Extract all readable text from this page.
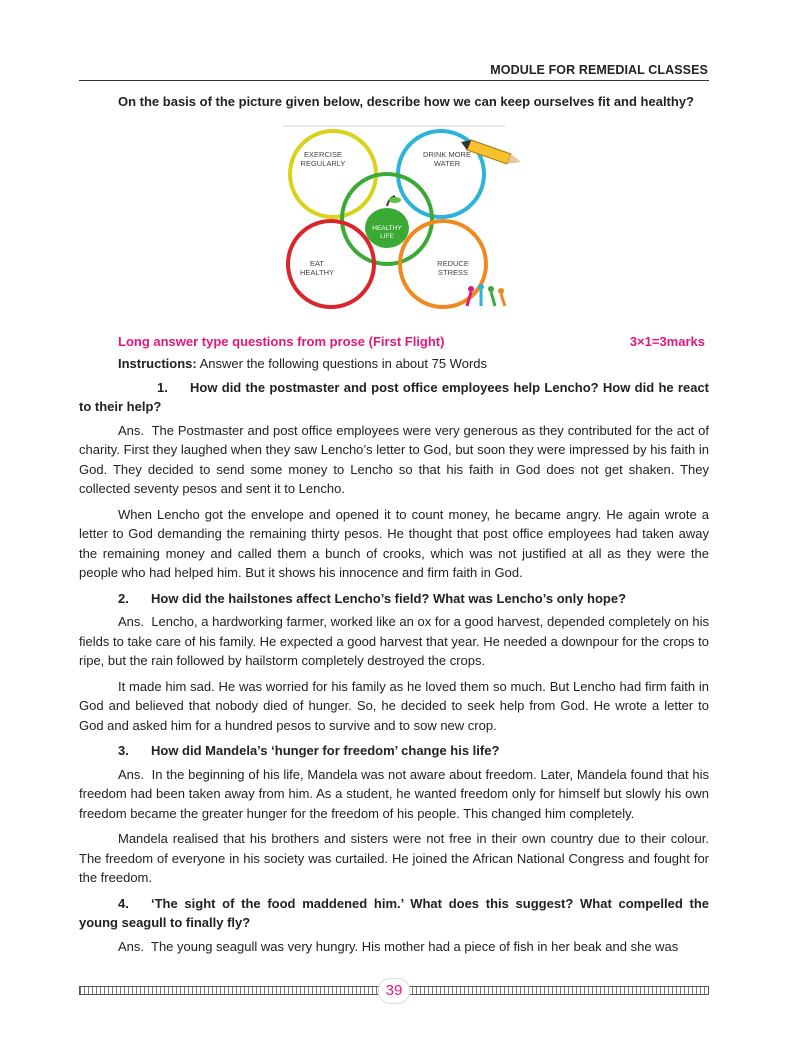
MODULE FOR REMEDIAL CLASSES

On the basis of the picture given below, describe how we can keep ourselves fit and healthy?

EXERCISE
REGULARLY
DRINK MORE
WATER
HEALTHY
LIFE
EAT
HEALTHY
REDUCE
STRESS
Long answer type questions from prose (First Flight)	3×1=3marks

Instructions: Answer the following questions in about 75 Words

1. How did the postmaster and post office employees help Lencho? How did he react to their help?

Ans. The Postmaster and post office employees were very generous as they contributed for the act of charity. First they laughed when they saw Lencho’s letter to God, but soon they were impressed by his faith in God. They decided to send some money to Lencho so that his faith in God does not get shaken. They collected seventy pesos and sent it to Lencho.

When Lencho got the envelope and opened it to count money, he became angry. He again wrote a letter to God demanding the remaining thirty pesos. He thought that post office employees had taken away the remaining money and called them a bunch of crooks, which was not justified at all as they were the people who had helped him. But it shows his innocence and firm faith in God.

2. How did the hailstones affect Lencho’s field? What was Lencho’s only hope?

Ans. Lencho, a hardworking farmer, worked like an ox for a good harvest, depended completely on his fields to take care of his family. He expected a good harvest that year. He needed a downpour for the crops to ripe, but the rain followed by hailstorm completely destroyed the crops.

It made him sad. He was worried for his family as he loved them so much. But Lencho had firm faith in God and believed that nobody died of hunger. So, he decided to seek help from God. He wrote a letter to God and asked him for a hundred pesos to survive and to sow new crop.

3. How did Mandela’s ‘hunger for freedom’ change his life?

Ans. In the beginning of his life, Mandela was not aware about freedom. Later, Mandela found that his freedom had been taken away from him. As a student, he wanted freedom only for himself but slowly his own freedom became the greater hunger for the freedom of his people. This changed him completely.

Mandela realised that his brothers and sisters were not free in their own country due to their colour. The freedom of everyone in his society was curtailed. He joined the African National Congress and fought for the freedom.

4. ‘The sight of the food maddened him.’ What does this suggest? What compelled the young seagull to finally fly?

Ans. The young seagull was very hungry. His mother had a piece of fish in her beak and she was

39
